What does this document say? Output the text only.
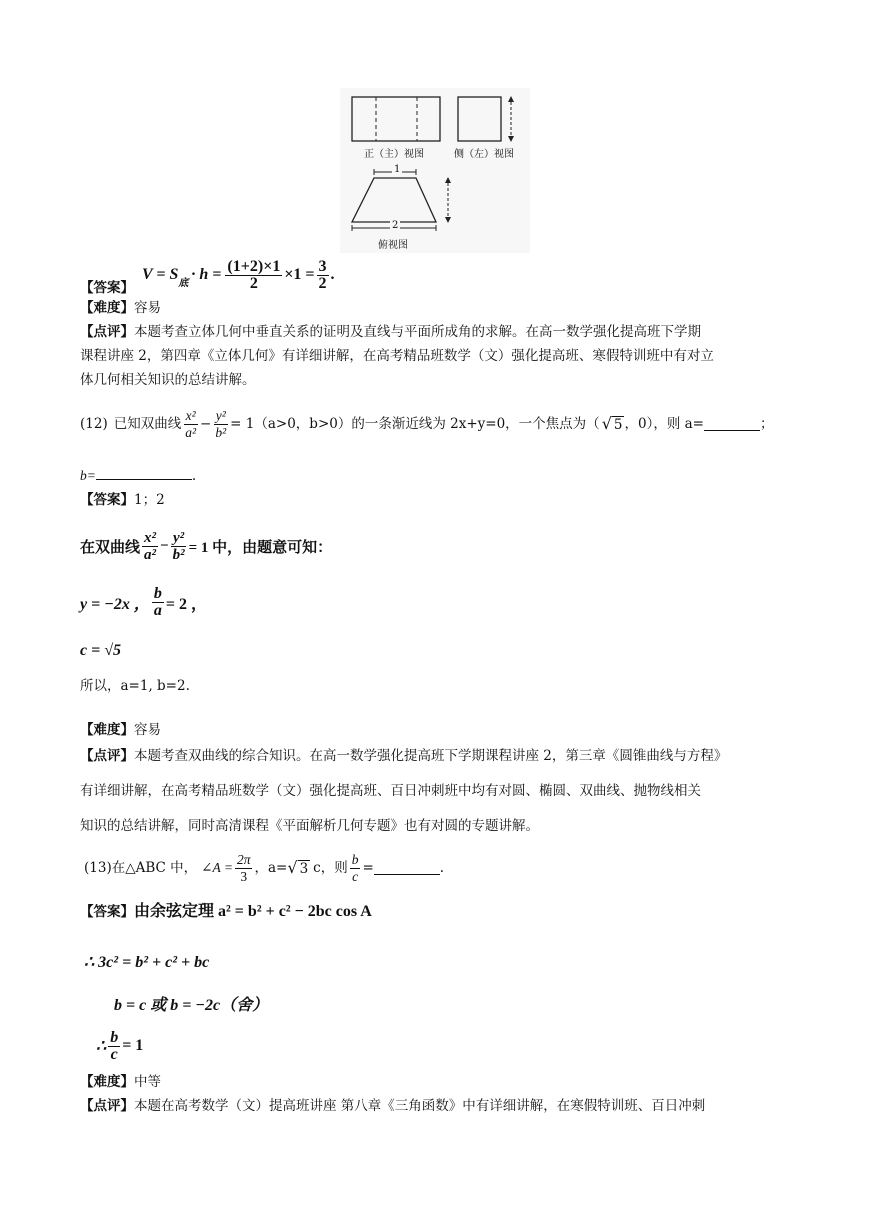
1
2
正（主）视图	侧（左）视图
俯视图
【答案】
V = S
底
· $h = \frac{(1+2)\times 1}{2} \times 1 = \frac{3}{2}$ .
【难度】容易
【点评】本题考查立体几何中垂直关系的证明及直线与平面所成角的求解。在高一数学强化提高班下学期
课程讲座 2，第四章《立体几何》有详细讲解，在高考精品班数学（文）强化提高班、寒假特训班中有对立
体几何相关知识的总结讲解。
(12) 已知双曲线 $\frac{\text{x²}}{\text{a²}} - \frac{\text{y²}}{\text{b²}} = 1$ （a>0，b>0）的一条渐近线为 2x+y=0，一个焦点为（ √ 5 ，0），则 a=	；
b=	.
【答案】1；2
在双曲线 $\frac{\text{x²}}{\text{a²}} - \frac{\text{y²}}{\text{b²}} = 1$ 中，由题意可知：
y = −2x ， $\frac{b}{a} = 2$ ，
c = √5
所以，a=1, b=2.
【难度】容易
【点评】本题考查双曲线的综合知识。在高一数学强化提高班下学期课程讲座 2，第三章《圆锥曲线与方程》
有详细讲解，在高考精品班数学（文）强化提高班、百日冲刺班中均有对圆、椭圆、双曲线、抛物线相关
知识的总结讲解，同时高清课程《平面解析几何专题》也有对圆的专题讲解。
(13) 在△ABC 中， ∠A = $\frac{2\pi}{3}$ ，a= √ 3 c，则 $\frac{b}{c}$ =	.
【答案】 由余弦定理 a² = b² + c² − 2bc cos A
∴ 3c² = b² + c² + bc
b = c 或 b = −2c（舍）
∴ $\frac{b}{c} = 1$
【难度】中等
【点评】本题在高考数学（文）提高班讲座 第八章《三角函数》中有详细讲解，在寒假特训班、百日冲刺
